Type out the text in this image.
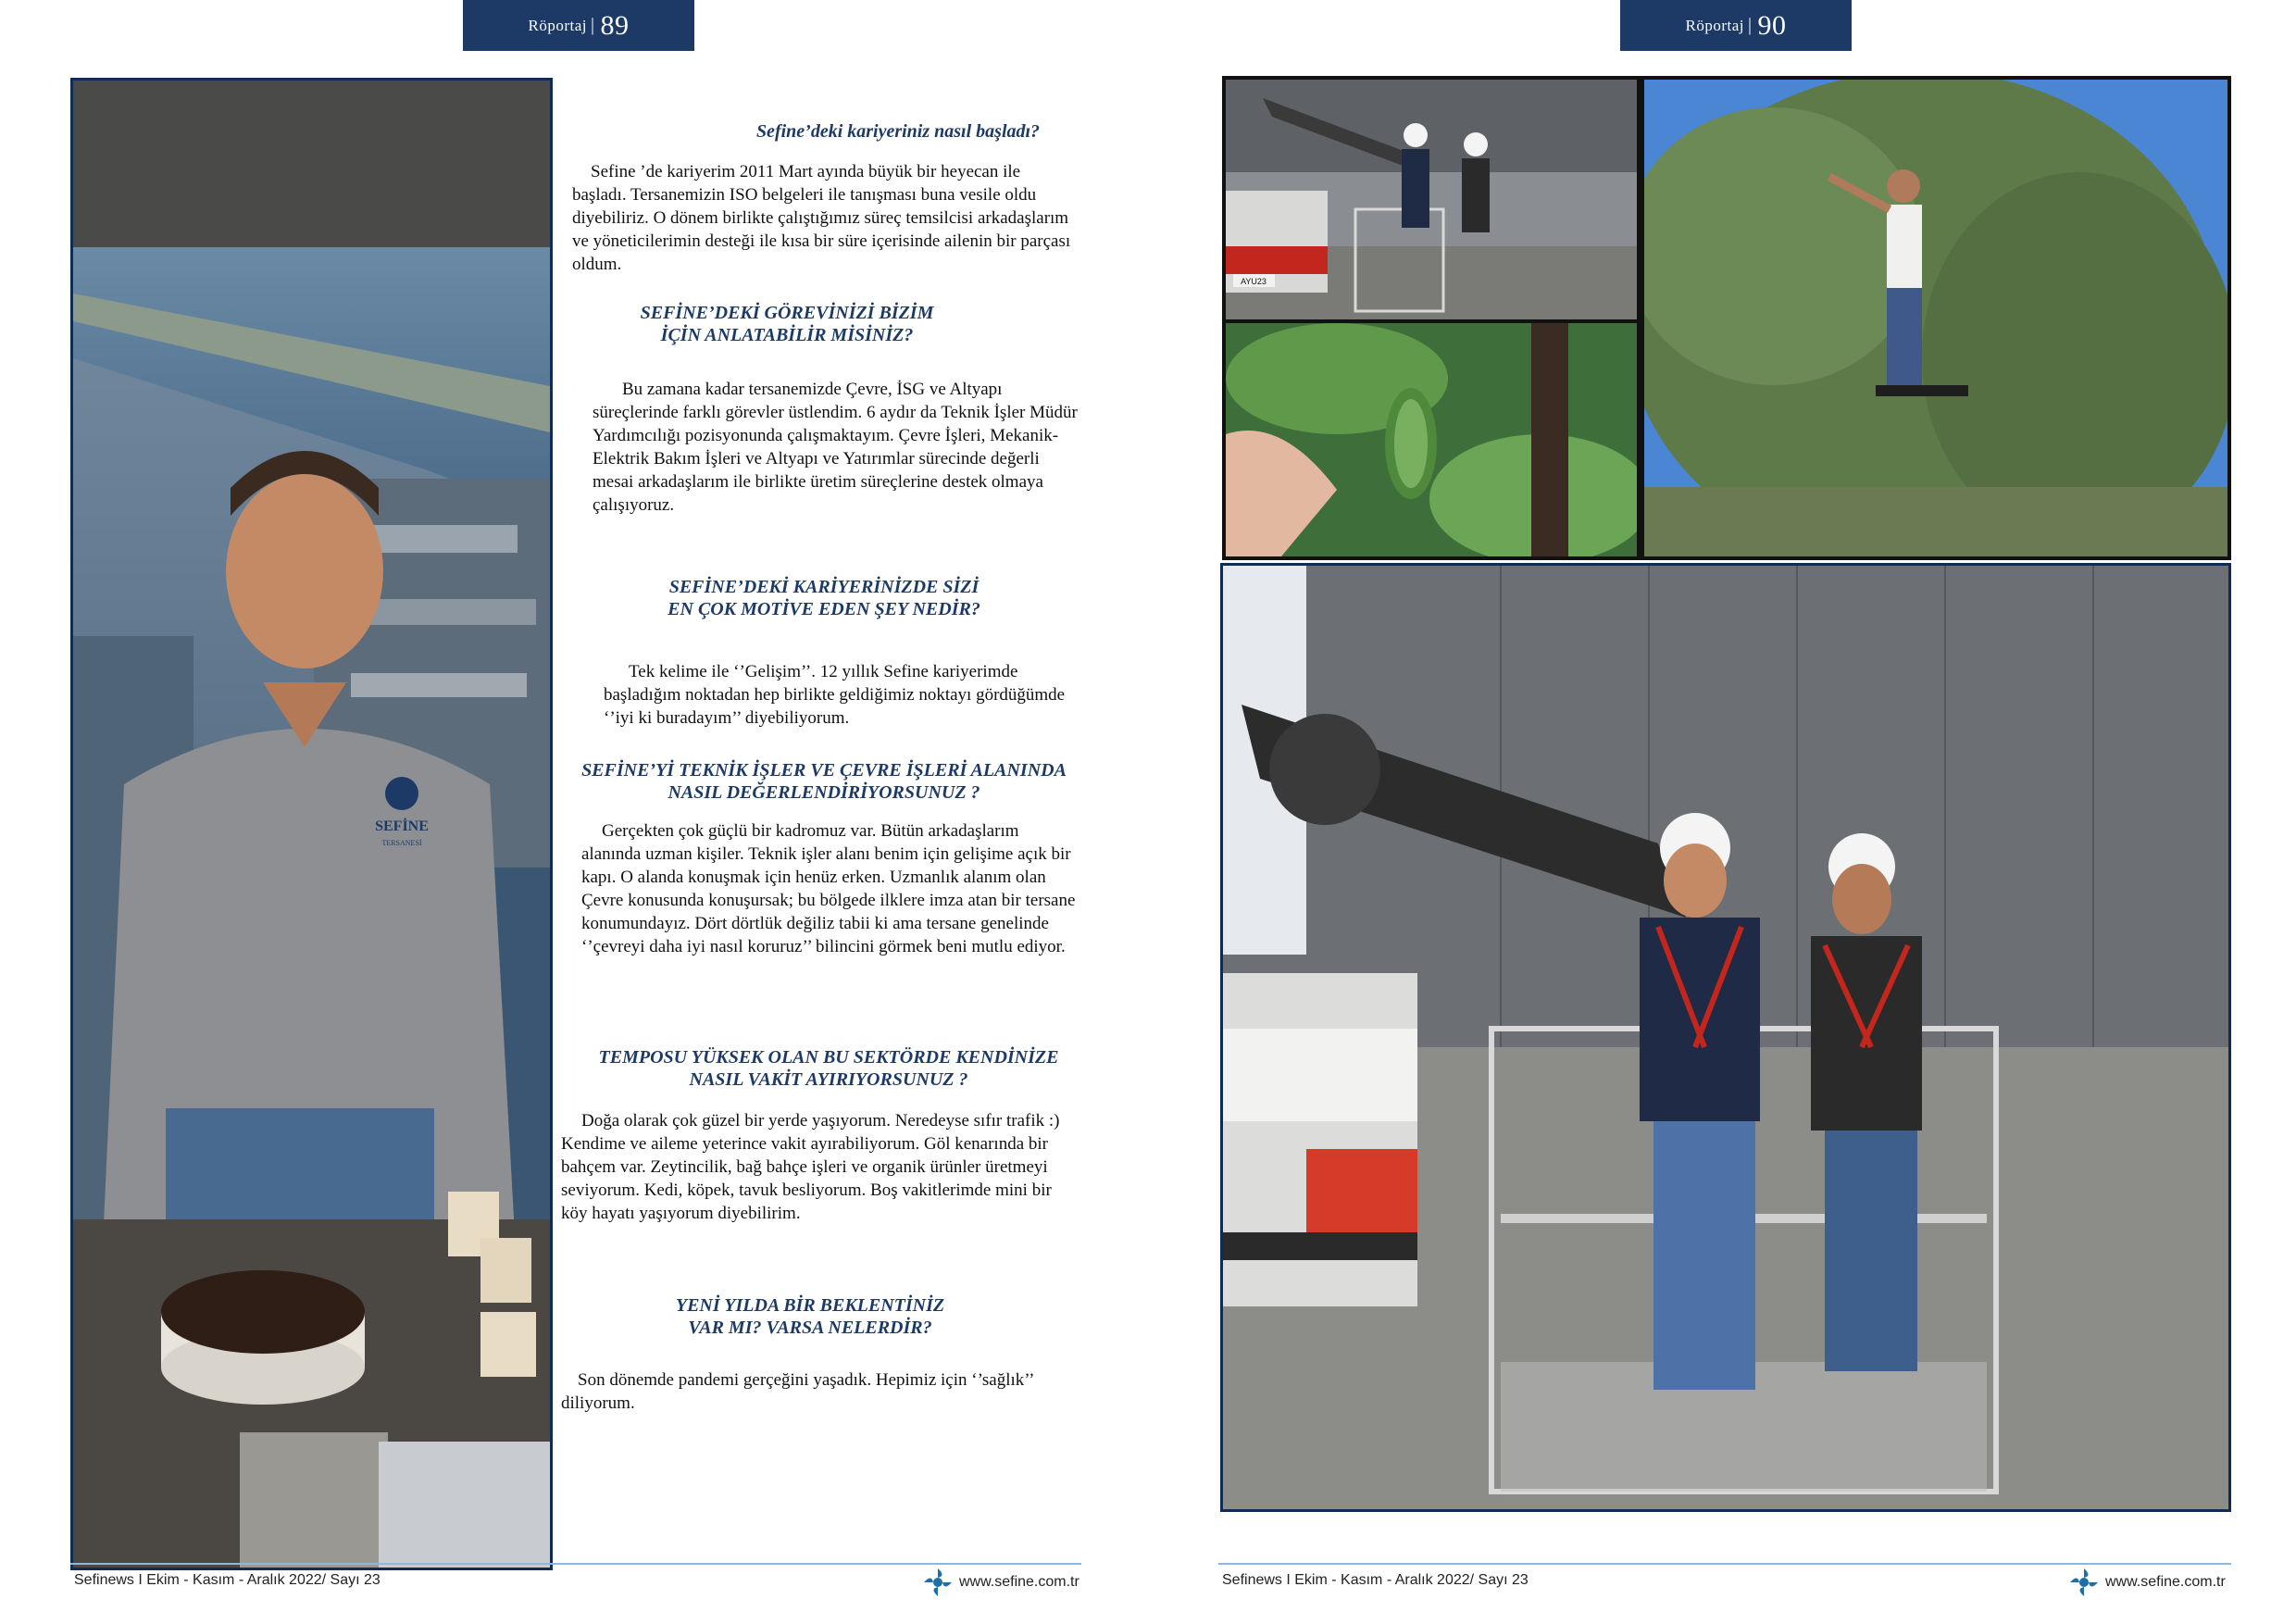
Röportaj | 89	Röportaj | 90
SEFİNE
TERSANESİ
Sefine’deki kariyeriniz nasıl başladı?
Sefine ’de kariyerim 2011 Mart ayında büyük bir heyecan ile başladı. Tersanemizin ISO belgeleri ile tanışması buna vesile oldu diyebiliriz. O dönem birlikte çalıştığımız süreç temsilcisi arkadaşlarım ve yöneticilerimin desteği ile kısa bir süre içerisinde ailenin bir parçası oldum.
SEFİNE’DEKİ GÖREVİNİZİ BİZİM İÇİN ANLATABİLİR MİSİNİZ?
Bu zamana kadar tersanemizde Çevre, İSG ve Altyapı süreçlerinde farklı görevler üstlendim. 6 aydır da Teknik İşler Müdür Yardımcılığı pozisyonunda çalışmaktayım. Çevre İşleri, Mekanik-Elektrik Bakım İşleri ve Altyapı ve Yatırımlar sürecinde değerli mesai arkadaşlarım ile birlikte üretim süreçlerine destek olmaya çalışıyoruz.
SEFİNE’DEKİ KARİYERİNİZDE SİZİ EN ÇOK MOTİVE EDEN ŞEY NEDİR?
Tek kelime ile ‘’Gelişim’’. 12 yıllık Sefine kariyerimde başladığım noktadan hep birlikte geldiğimiz noktayı gördüğümde ‘’iyi ki buradayım’’ diyebiliyorum.
SEFİNE’Yİ TEKNİK İŞLER VE ÇEVRE İŞLERİ ALANINDA NASIL DEĞERLENDİRİYORSUNUZ ?
Gerçekten çok güçlü bir kadromuz var. Bütün arkadaşlarım alanında uzman kişiler. Teknik işler alanı benim için gelişime açık bir kapı. O alanda konuşmak için henüz erken. Uzmanlık alanım olan Çevre konusunda konuşursak; bu bölgede ilklere imza atan bir tersane konumundayız. Dört dörtlük değiliz tabii ki ama tersane genelinde ‘’çevreyi daha iyi nasıl koruruz’’ bilincini görmek beni mutlu ediyor.
TEMPOSU YÜKSEK OLAN BU SEKTÖRDE KENDİNİZE NASIL VAKİT AYIRIYORSUNUZ ?
Doğa olarak çok güzel bir yerde yaşıyorum. Neredeyse sıfır trafik :) Kendime ve aileme yeterince vakit ayırabiliyorum. Göl kenarında bir bahçem var. Zeytincilik, bağ bahçe işleri ve organik ürünler üretmeyi seviyorum. Kedi, köpek, tavuk besliyorum. Boş vakitlerimde mini bir köy hayatı yaşıyorum diyebilirim.
YENİ YILDA BİR BEKLENTİNİZ VAR MI? VARSA NELERDİR?
Son dönemde pandemi gerçeğini yaşadık. Hepimiz için ‘’sağlık’’ diliyorum.
Sefinews I Ekim - Kasım - Aralık 2022/ Sayı 23	www.sefine.com.tr
AYU23
Sefinews I Ekim - Kasım - Aralık 2022/ Sayı 23	www.sefine.com.tr
